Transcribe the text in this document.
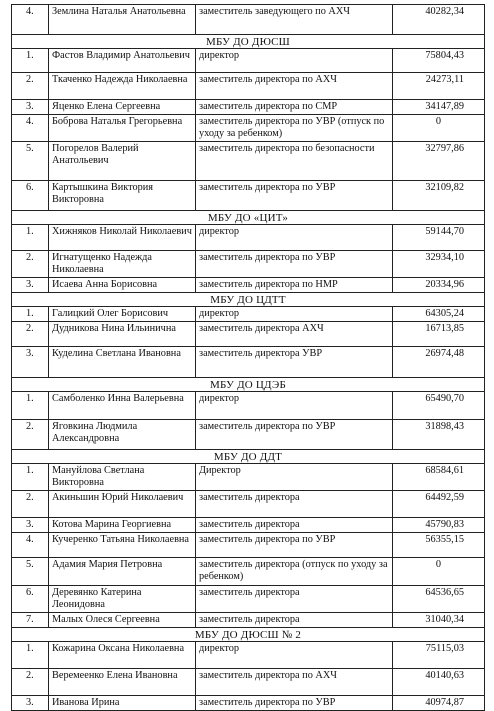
4.	Землина Наталья Анатольевна	заместитель заведующего по АХЧ	40282,34
МБУ ДО ДЮСШ			
1.	Фастов Владимир Анатольевич	директор	75804,43
2.	Ткаченко Надежда Николаевна	заместитель директора по АХЧ	24273,11
3.	Яценко Елена Сергеевна	заместитель директора по СМР	34147,89
4.	Боброва Наталья Грегорьевна	заместитель директора по УВР (отпуск по уходу за ребенком)	0
5.	Погорелов Валерий Анатольевич	заместитель директора по безопасности	32797,86
6.	Картышкина Виктория Викторовна	заместитель директора по УВР	32109,82
МБУ ДО «ЦИТ»			
1.	Хижняков Николай Николаевич	директор	59144,70
2.	Игнатущенко Надежда Николаевна	заместитель директора по УВР	32934,10
3.	Исаева Анна Борисовна	заместитель директора по НМР	20334,96
МБУ ДО ЦДТТ			
1.	Галицкий Олег Борисович	директор	64305,24
2.	Дудникова Нина Ильинична	заместитель директора АХЧ	16713,85
3.	Куделина Светлана Ивановна	заместитель директора УВР	26974,48
МБУ ДО ЦДЭБ			
1.	Самболенко Инна Валерьевна	директор	65490,70
2.	Яговкина Людмила Александровна	заместитель директора по УВР	31898,43
МБУ ДО ДДТ			
1.	Мануйлова Светлана Викторовна	Директор	68584,61
2.	Акиньшин Юрий Николаевич	заместитель директора	64492,59
3.	Котова Марина Георгиевна	заместитель директора	45790,83
4.	Кучеренко Татьяна Николаевна	заместитель директора по УВР	56355,15
5.	Адамия Мария Петровна	заместитель директора (отпуск по уходу за ребенком)	0
6.	Деревянко Катерина Леонидовна	заместитель директора	64536,65
7.	Малых Олеся Сергеевна	заместитель директора	31040,34
МБУ ДО ДЮСШ № 2			
1.	Кожарина Оксана Николаевна	директор	75115,03
2.	Веремеенко Елена Ивановна	заместитель директора по АХЧ	40140,63
3.	Иванова Ирина	заместитель директора по УВР	40974,87
